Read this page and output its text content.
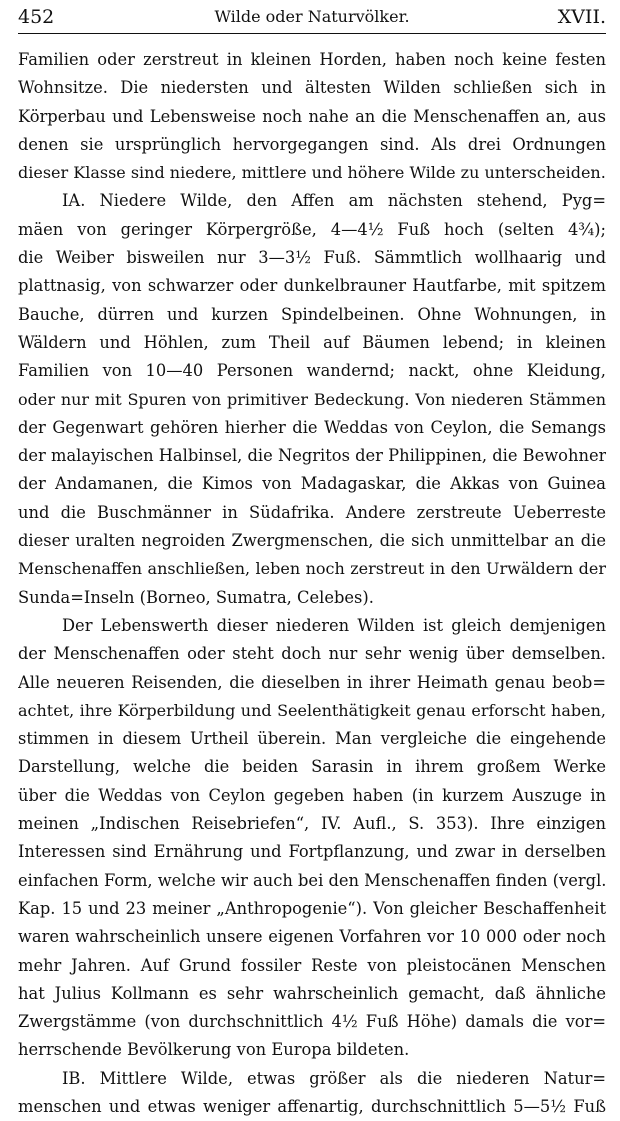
452	Wilde oder Naturvölker.	XVII.
Familien oder zerstreut in kleinen Horden, haben noch keine festen
Wohnsitze. Die niedersten und ältesten Wilden schließen sich in
Körperbau und Lebensweise noch nahe an die Menschenaffen an, aus
denen sie ursprünglich hervorgegangen sind. Als drei Ordnungen
dieser Klasse sind niedere, mittlere und höhere Wilde zu unterscheiden.
IA. Niedere Wilde, den Affen am nächsten stehend, Pyg=
mäen von geringer Körpergröße, 4—4½ Fuß hoch (selten 4¾);
die Weiber bisweilen nur 3—3½ Fuß. Sämmtlich wollhaarig und
plattnasig, von schwarzer oder dunkelbrauner Hautfarbe, mit spitzem
Bauche, dürren und kurzen Spindelbeinen. Ohne Wohnungen, in
Wäldern und Höhlen, zum Theil auf Bäumen lebend; in kleinen
Familien von 10—40 Personen wandernd; nackt, ohne Kleidung,
oder nur mit Spuren von primitiver Bedeckung. Von niederen Stämmen
der Gegenwart gehören hierher die Weddas von Ceylon, die Semangs
der malayischen Halbinsel, die Negritos der Philippinen, die Bewohner
der Andamanen, die Kimos von Madagaskar, die Akkas von Guinea
und die Buschmänner in Südafrika. Andere zerstreute Ueberreste
dieser uralten negroiden Zwergmenschen, die sich unmittelbar an die
Menschenaffen anschließen, leben noch zerstreut in den Urwäldern der
Sunda=Inseln (Borneo, Sumatra, Celebes).
Der Lebenswerth dieser niederen Wilden ist gleich demjenigen
der Menschenaffen oder steht doch nur sehr wenig über demselben.
Alle neueren Reisenden, die dieselben in ihrer Heimath genau beob=
achtet, ihre Körperbildung und Seelenthätigkeit genau erforscht haben,
stimmen in diesem Urtheil überein. Man vergleiche die eingehende
Darstellung, welche die beiden Sarasin in ihrem großem Werke
über die Weddas von Ceylon gegeben haben (in kurzem Auszuge in
meinen „Indischen Reisebriefen“, IV. Aufl., S. 353). Ihre einzigen
Interessen sind Ernährung und Fortpflanzung, und zwar in derselben
einfachen Form, welche wir auch bei den Menschenaffen finden (vergl.
Kap. 15 und 23 meiner „Anthropogenie“). Von gleicher Beschaffenheit
waren wahrscheinlich unsere eigenen Vorfahren vor 10 000 oder noch
mehr Jahren. Auf Grund fossiler Reste von pleistocänen Menschen
hat Julius Kollmann es sehr wahrscheinlich gemacht, daß ähnliche
Zwergstämme (von durchschnittlich 4½ Fuß Höhe) damals die vor=
herrschende Bevölkerung von Europa bildeten.
IB. Mittlere Wilde, etwas größer als die niederen Natur=
menschen und etwas weniger affenartig, durchschnittlich 5—5½ Fuß
